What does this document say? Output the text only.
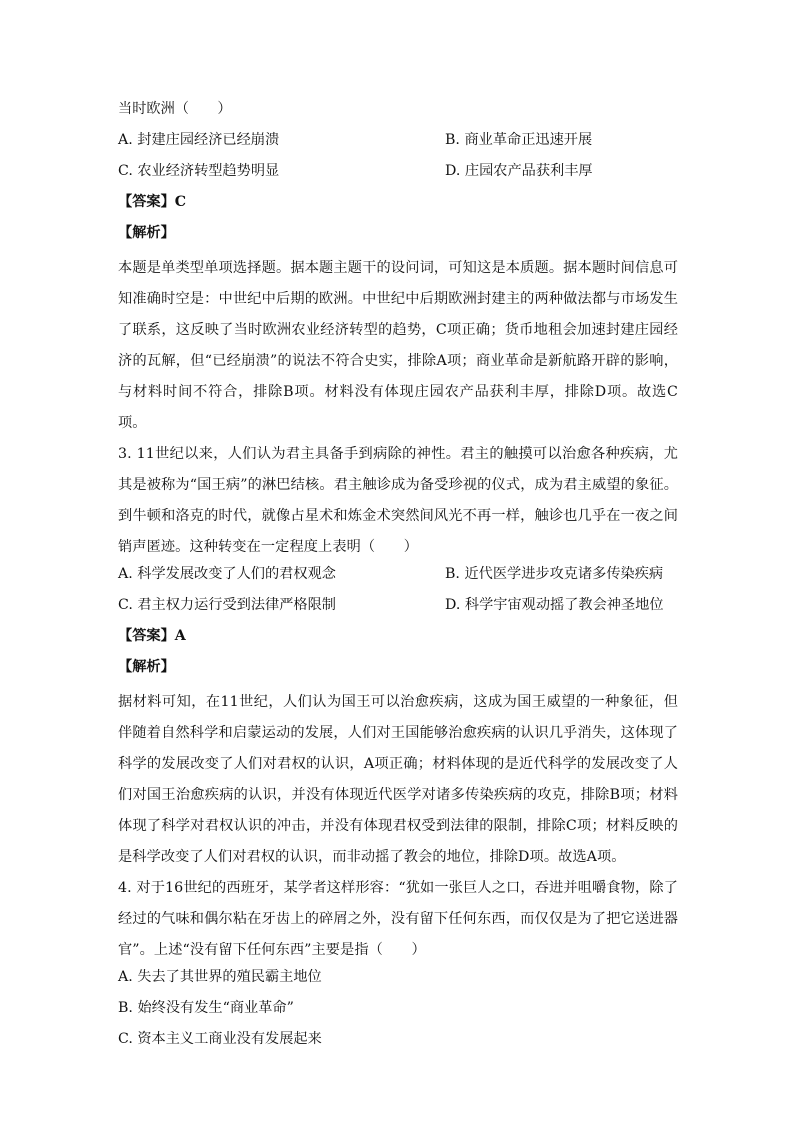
当时欧洲（　　）
A. 封建庄园经济已经崩溃	B. 商业革命正迅速开展
C. 农业经济转型趋势明显	D. 庄园农产品获利丰厚
【答案】C
【解析】
本题是单类型单项选择题。据本题主题干的设问词，可知这是本质题。据本题时间信息可知准确时空是：中世纪中后期的欧洲。中世纪中后期欧洲封建主的两种做法都与市场发生了联系，这反映了当时欧洲农业经济转型的趋势，C项正确；货币地租会加速封建庄园经济的瓦解，但“已经崩溃”的说法不符合史实，排除A项；商业革命是新航路开辟的影响，与材料时间不符合，排除B项。材料没有体现庄园农产品获利丰厚，排除D项。故选C项。
3. 11世纪以来，人们认为君主具备手到病除的神性。君主的触摸可以治愈各种疾病，尤其是被称为“国王病”的淋巴结核。君主触诊成为备受珍视的仪式，成为君主威望的象征。到牛顿和洛克的时代，就像占星术和炼金术突然间风光不再一样，触诊也几乎在一夜之间销声匿迹。这种转变在一定程度上表明（　　）
A. 科学发展改变了人们的君权观念	B. 近代医学进步攻克诸多传染疾病
C. 君主权力运行受到法律严格限制	D. 科学宇宙观动摇了教会神圣地位
【答案】A
【解析】
据材料可知，在11世纪，人们认为国王可以治愈疾病，这成为国王威望的一种象征，但伴随着自然科学和启蒙运动的发展，人们对王国能够治愈疾病的认识几乎消失，这体现了科学的发展改变了人们对君权的认识，A项正确；材料体现的是近代科学的发展改变了人们对国王治愈疾病的认识，并没有体现近代医学对诸多传染疾病的攻克，排除B项；材料体现了科学对君权认识的冲击，并没有体现君权受到法律的限制，排除C项；材料反映的是科学改变了人们对君权的认识，而非动摇了教会的地位，排除D项。故选A项。
4. 对于16世纪的西班牙，某学者这样形容：“犹如一张巨人之口，吞进并咀嚼食物，除了经过的气味和偶尔粘在牙齿上的碎屑之外，没有留下任何东西，而仅仅是为了把它送进器官”。上述“没有留下任何东西”主要是指（　　）
A. 失去了其世界的殖民霸主地位
B. 始终没有发生“商业革命”
C. 资本主义工商业没有发展起来
